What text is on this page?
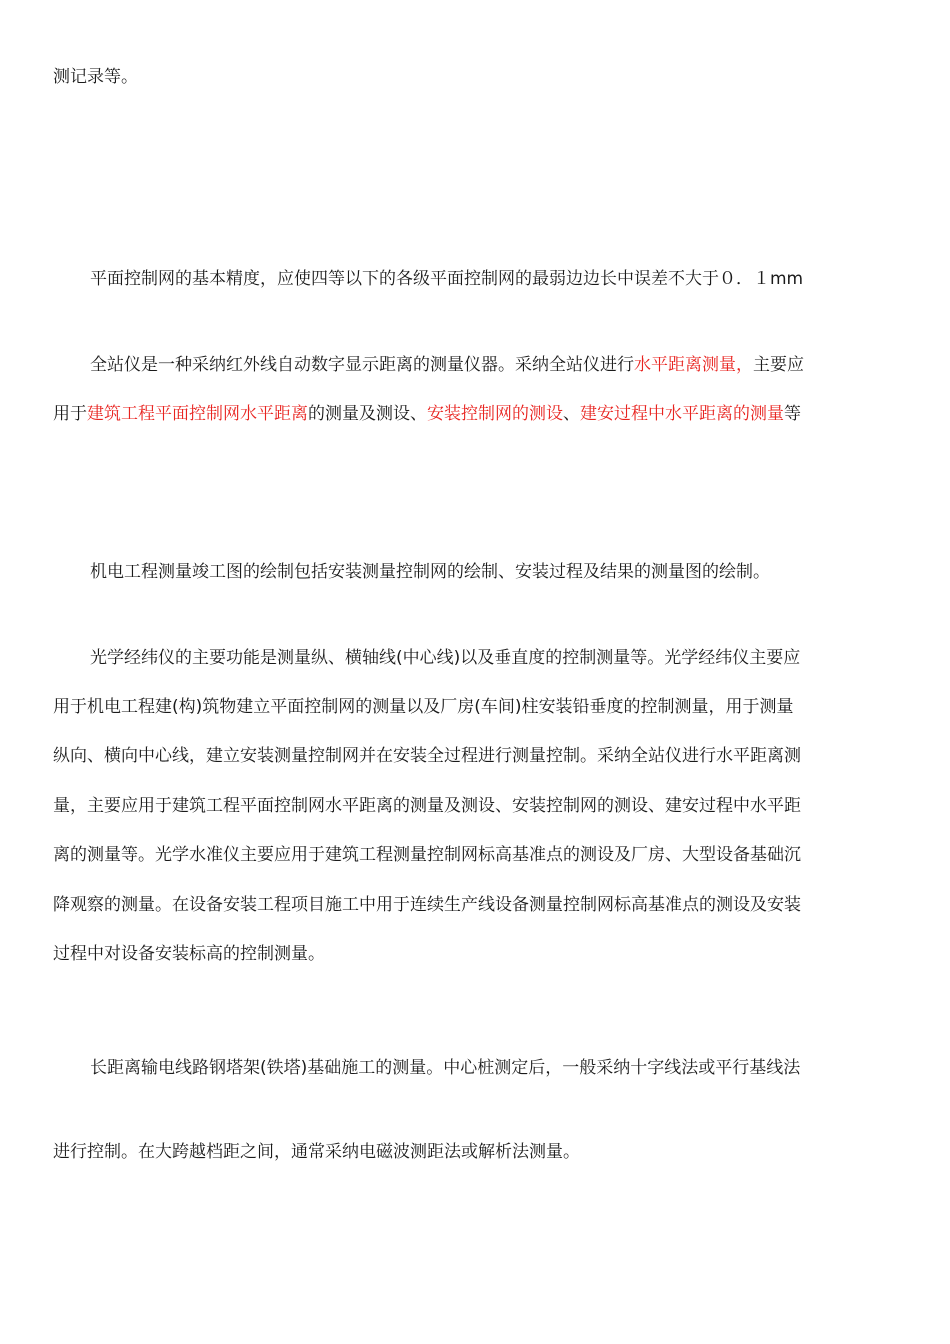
测记录等。
平面控制网的基本精度，应使四等以下的各级平面控制网的最弱边边长中误差不大于０．１mm
全站仪是一种采纳红外线自动数字显示距离的测量仪器。采纳全站仪进行水平距离测量，主要应
用于建筑工程平面控制网水平距离的测量及测设、安装控制网的测设、建安过程中水平距离的测量等
机电工程测量竣工图的绘制包括安装测量控制网的绘制、安装过程及结果的测量图的绘制。
光学经纬仪的主要功能是测量纵、横轴线(中心线)以及垂直度的控制测量等。光学经纬仪主要应
用于机电工程建(构)筑物建立平面控制网的测量以及厂房(车间)柱安装铅垂度的控制测量，用于测量
纵向、横向中心线，建立安装测量控制网并在安装全过程进行测量控制。采纳全站仪进行水平距离测
量，主要应用于建筑工程平面控制网水平距离的测量及测设、安装控制网的测设、建安过程中水平距
离的测量等。光学水准仪主要应用于建筑工程测量控制网标高基准点的测设及厂房、大型设备基础沉
降观察的测量。在设备安装工程项目施工中用于连续生产线设备测量控制网标高基准点的测设及安装
过程中对设备安装标高的控制测量。
长距离输电线路钢塔架(铁塔)基础施工的测量。中心桩测定后，一般采纳十字线法或平行基线法
进行控制。在大跨越档距之间，通常采纳电磁波测距法或解析法测量。
